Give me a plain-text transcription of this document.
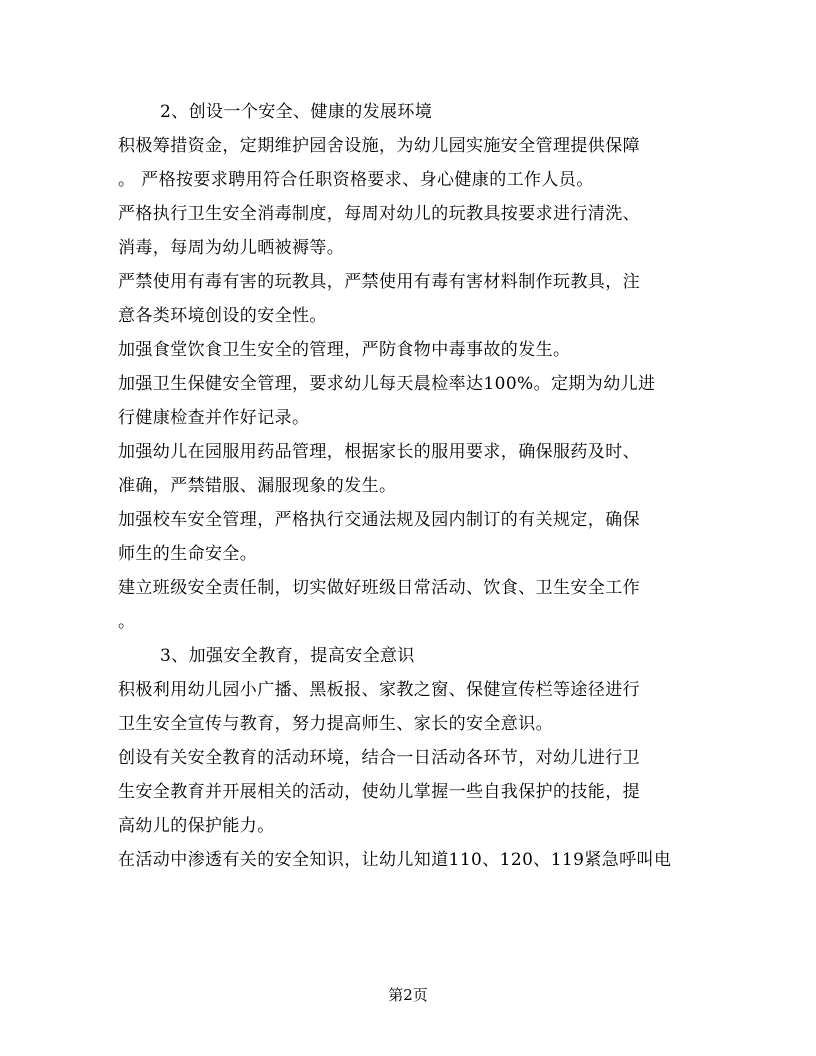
2、创设一个安全、健康的发展环境
积极筹措资金，定期维护园舍设施，为幼儿园实施安全管理提供保障
。 严格按要求聘用符合任职资格要求、身心健康的工作人员。
严格执行卫生安全消毒制度，每周对幼儿的玩教具按要求进行清洗、
消毒，每周为幼儿晒被褥等。
严禁使用有毒有害的玩教具，严禁使用有毒有害材料制作玩教具，注
意各类环境创设的安全性。
加强食堂饮食卫生安全的管理，严防食物中毒事故的发生。
加强卫生保健安全管理，要求幼儿每天晨检率达100%。定期为幼儿进
行健康检查并作好记录。
加强幼儿在园服用药品管理，根据家长的服用要求，确保服药及时、
准确，严禁错服、漏服现象的发生。
加强校车安全管理，严格执行交通法规及园内制订的有关规定，确保
师生的生命安全。
建立班级安全责任制，切实做好班级日常活动、饮食、卫生安全工作
。
3、加强安全教育，提高安全意识
积极利用幼儿园小广播、黑板报、家教之窗、保健宣传栏等途径进行
卫生安全宣传与教育，努力提高师生、家长的安全意识。
创设有关安全教育的活动环境，结合一日活动各环节，对幼儿进行卫
生安全教育并开展相关的活动，使幼儿掌握一些自我保护的技能，提
高幼儿的保护能力。
在活动中渗透有关的安全知识，让幼儿知道110、120、119紧急呼叫电
第2页
